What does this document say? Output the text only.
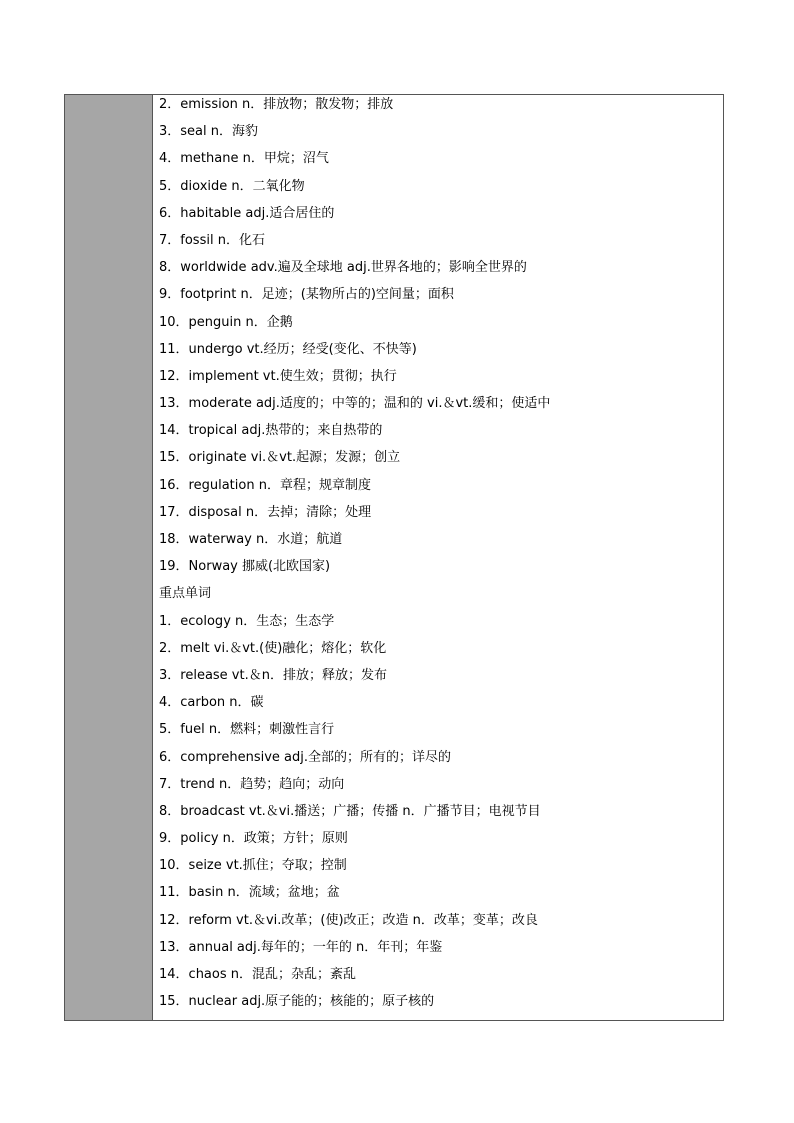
2．emission n．排放物；散发物；排放
3．seal n．海豹
4．methane n．甲烷；沼气
5．dioxide n．二氧化物
6．habitable adj.适合居住的
7．fossil n．化石
8．worldwide adv.遍及全球地 adj.世界各地的；影响全世界的
9．footprint n．足迹；(某物所占的)空间量；面积
10．penguin n．企鹅
11．undergo vt.经历；经受(变化、不快等)
12．implement vt.使生效；贯彻；执行
13．moderate adj.适度的；中等的；温和的 vi.＆vt.缓和；使适中
14．tropical adj.热带的；来自热带的
15．originate vi.＆vt.起源；发源；创立
16．regulation n．章程；规章制度
17．disposal n．去掉；清除；处理
18．waterway n．水道；航道
19．Norway 挪威(北欧国家)
重点单词
1．ecology n．生态；生态学
2．melt vi.＆vt.(使)融化；熔化；软化
3．release vt.＆n．排放；释放；发布
4．carbon n．碳
5．fuel n．燃料；刺激性言行
6．comprehensive adj.全部的；所有的；详尽的
7．trend n．趋势；趋向；动向
8．broadcast vt.＆vi.播送；广播；传播 n．广播节目；电视节目
9．policy n．政策；方针；原则
10．seize vt.抓住；夺取；控制
11．basin n．流域；盆地；盆
12．reform vt.＆vi.改革；(使)改正；改造 n．改革；变革；改良
13．annual adj.每年的；一年的 n．年刊；年鉴
14．chaos n．混乱；杂乱；紊乱
15．nuclear adj.原子能的；核能的；原子核的
